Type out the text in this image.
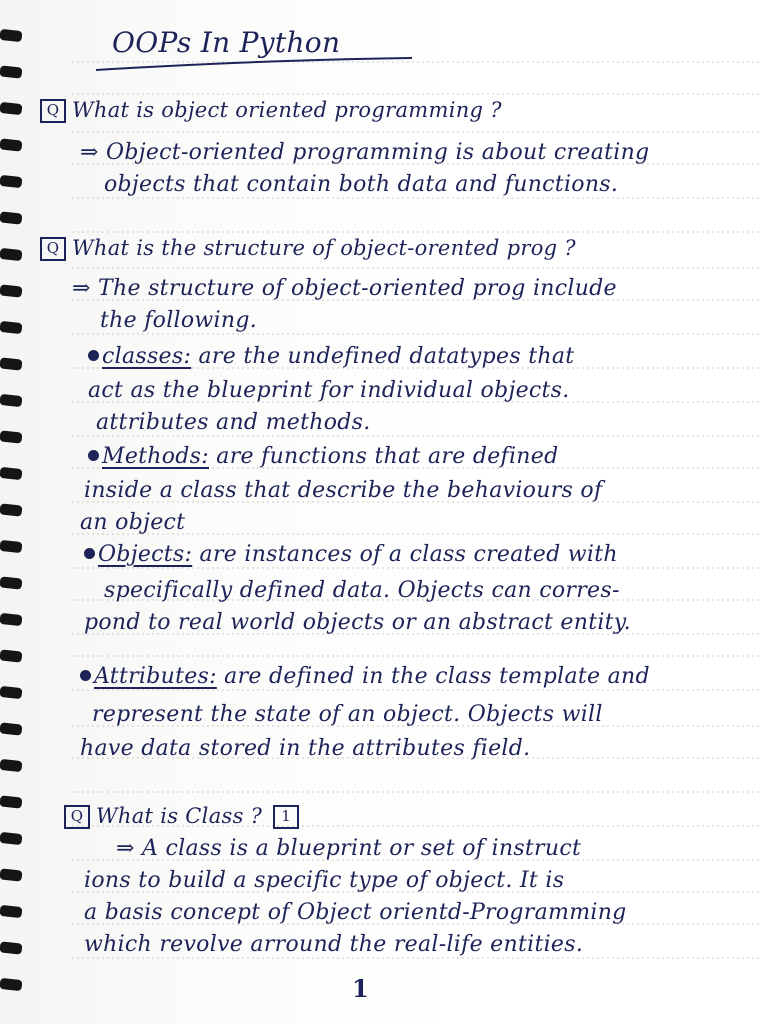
OOPs In Python
Q What is object oriented programming ?
⇒ Object-oriented programming is about creating
objects that contain both data and functions.
Q What is the structure of object-orented prog ?
⇒ The structure of object-oriented prog include
the following.
classes: are the undefined datatypes that
act as the blueprint for individual objects.
attributes and methods.
Methods: are functions that are defined
inside a class that describe the behaviours of
an object
Objects: are instances of a class created with
specifically defined data. Objects can corres-
pond to real world objects or an abstract entity.
Attributes: are defined in the class template and
represent the state of an object. Objects will
have data stored in the attributes field.
Q What is Class ? 1
⇒ A class is a blueprint or set of instruct
ions to build a specific type of object. It is
a basis concept of Object orientd-Programming
which revolve arround the real-life entities.
1
